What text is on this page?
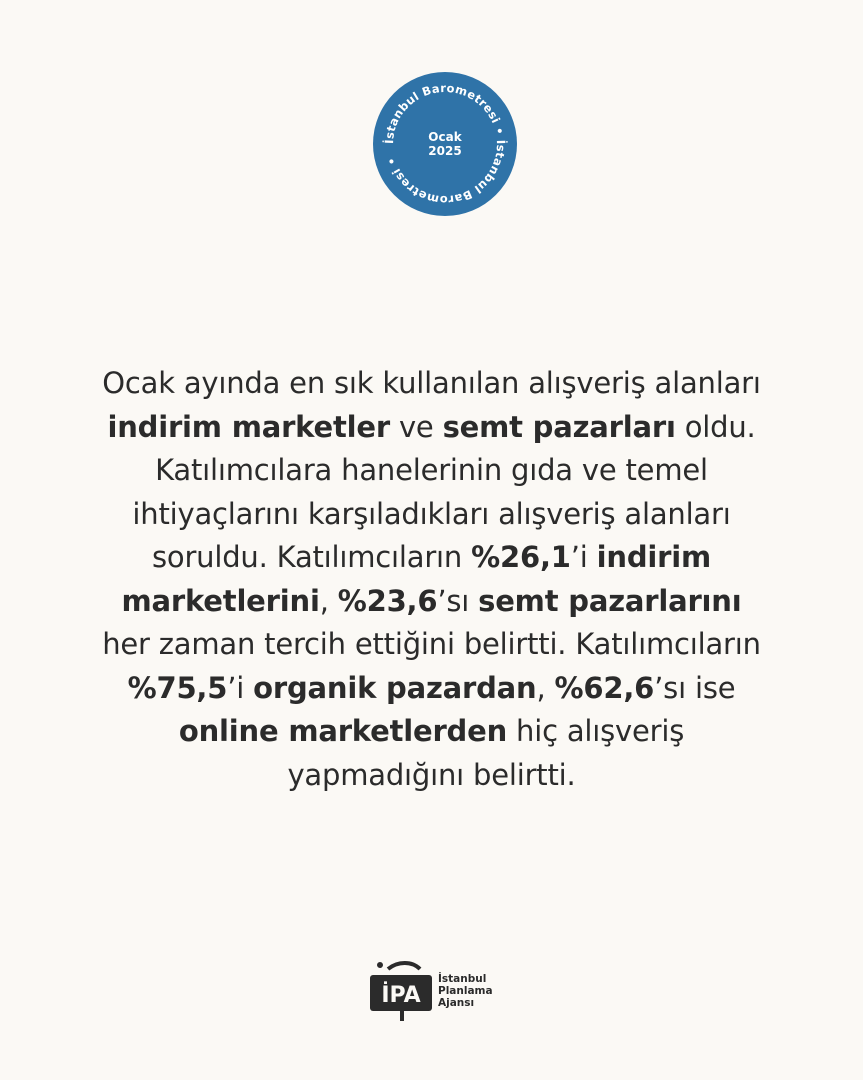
İstanbul Barometresi • İstanbul Barometresi •
Ocak
2025
Ocak ayında en sık kullanılan alışveriş alanları
indirim marketler ve semt pazarları oldu.
Katılımcılara hanelerinin gıda ve temel
ihtiyaçlarını karşıladıkları alışveriş alanları
soruldu. Katılımcıların %26,1’i indirim
marketlerini, %23,6’sı semt pazarlarını
her zaman tercih ettiğini belirtti. Katılımcıların
%75,5’i organik pazardan, %62,6’sı ise
online marketlerden hiç alışveriş
yapmadığını belirtti.
İPA
İstanbul
Planlama
Ajansı
